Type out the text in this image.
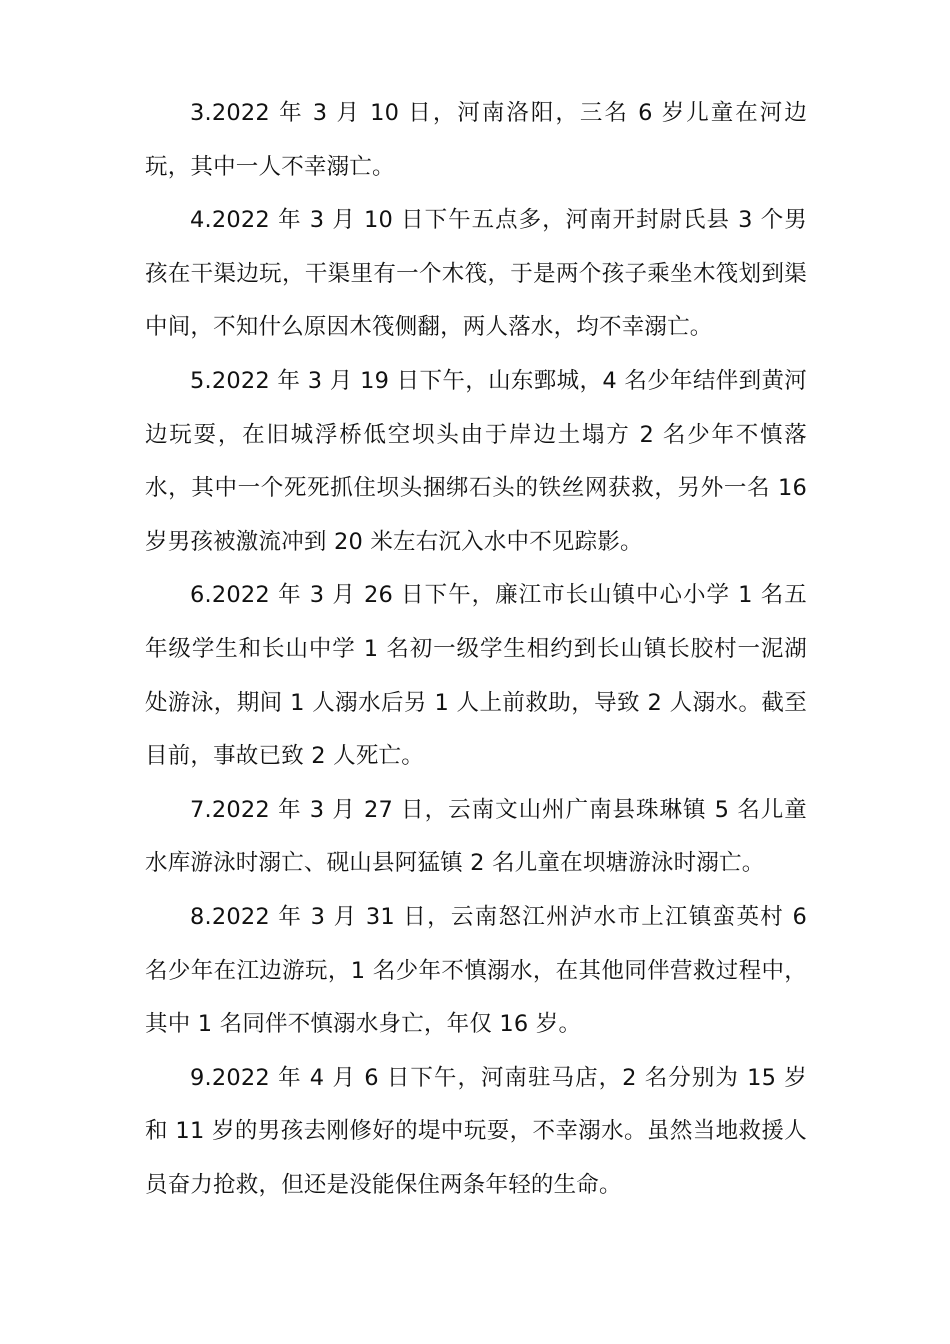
3.2022 年 3 月 10 日，河南洛阳，三名 6 岁儿童在河边玩，其中一人不幸溺亡。

4.2022 年 3 月 10 日下午五点多，河南开封尉氏县 3 个男孩在干渠边玩，干渠里有一个木筏，于是两个孩子乘坐木筏划到渠中间，不知什么原因木筏侧翻，两人落水，均不幸溺亡。

5.2022 年 3 月 19 日下午，山东鄄城，4 名少年结伴到黄河边玩耍，在旧城浮桥低空坝头由于岸边土塌方 2 名少年不慎落水，其中一个死死抓住坝头捆绑石头的铁丝网获救，另外一名 16 岁男孩被激流冲到 20 米左右沉入水中不见踪影。

6.2022 年 3 月 26 日下午，廉江市长山镇中心小学 1 名五年级学生和长山中学 1 名初一级学生相约到长山镇长胶村一泥湖处游泳，期间 1 人溺水后另 1 人上前救助，导致 2 人溺水。截至目前，事故已致 2 人死亡。

7.2022 年 3 月 27 日，云南文山州广南县珠琳镇 5 名儿童水库游泳时溺亡、砚山县阿猛镇 2 名儿童在坝塘游泳时溺亡。

8.2022 年 3 月 31 日，云南怒江州泸水市上江镇蛮英村 6 名少年在江边游玩，1 名少年不慎溺水，在其他同伴营救过程中，其中 1 名同伴不慎溺水身亡，年仅 16 岁。

9.2022 年 4 月 6 日下午，河南驻马店，2 名分别为 15 岁和 11 岁的男孩去刚修好的堤中玩耍，不幸溺水。虽然当地救援人员奋力抢救，但还是没能保住两条年轻的生命。
